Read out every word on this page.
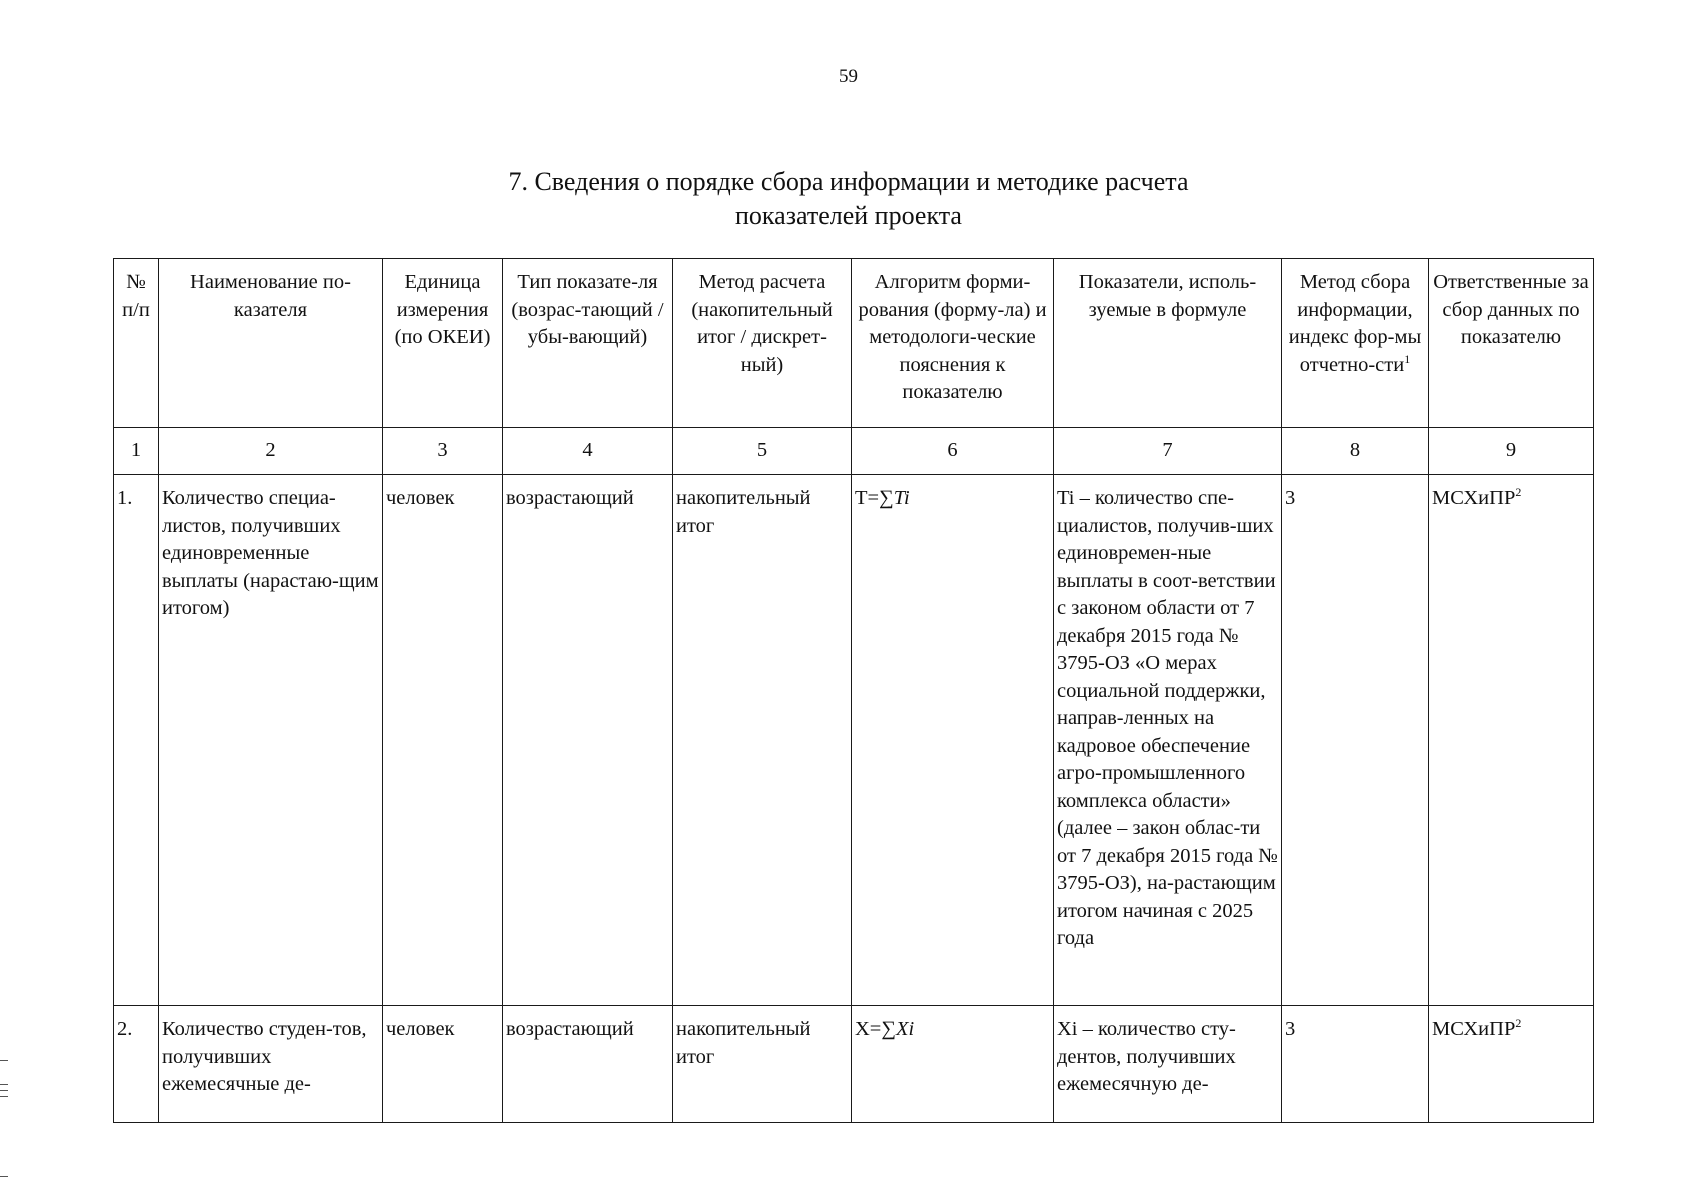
59
7. Сведения о порядке сбора информации и методике расчета
показателей проекта
№ п/п	Наименование по-казателя	Единица измерения (по ОКЕИ)	Тип показате-ля (возрас-тающий / убы-вающий)	Метод расчета (накопительный итог / дискрет-ный)	Алгоритм форми-рования (форму-ла) и методологи-ческие пояснения к показателю	Показатели, исполь-зуемые в формуле	Метод сбора информации, индекс фор-мы отчетно-сти$^1$	Ответственные за сбор данных по показателю
1	2	3	4	5	6	7	8	9
1.	Количество специа-листов, получивших единовременные выплаты (нарастаю-щим итогом)	человек	возрастающий	накопительный итог	T=∑Ti	Ti – количество спе-циалистов, получив-ших единовремен-ные выплаты в соот-ветствии с законом области от 7 декабря 2015 года № 3795-ОЗ «О мерах социальной поддержки, направ-ленных на кадровое обеспечение агро-промышленного комплекса области» (далее – закон облас-ти от 7 декабря 2015 года № 3795-ОЗ), на-растающим итогом начиная с 2025 года	3	МСХиПР$^2$
2.	Количество студен-тов, получивших ежемесячные де-	человек	возрастающий	накопительный итог	X=∑Xi	Xi – количество сту-дентов, получивших ежемесячную де-	3	МСХиПР$^2$
